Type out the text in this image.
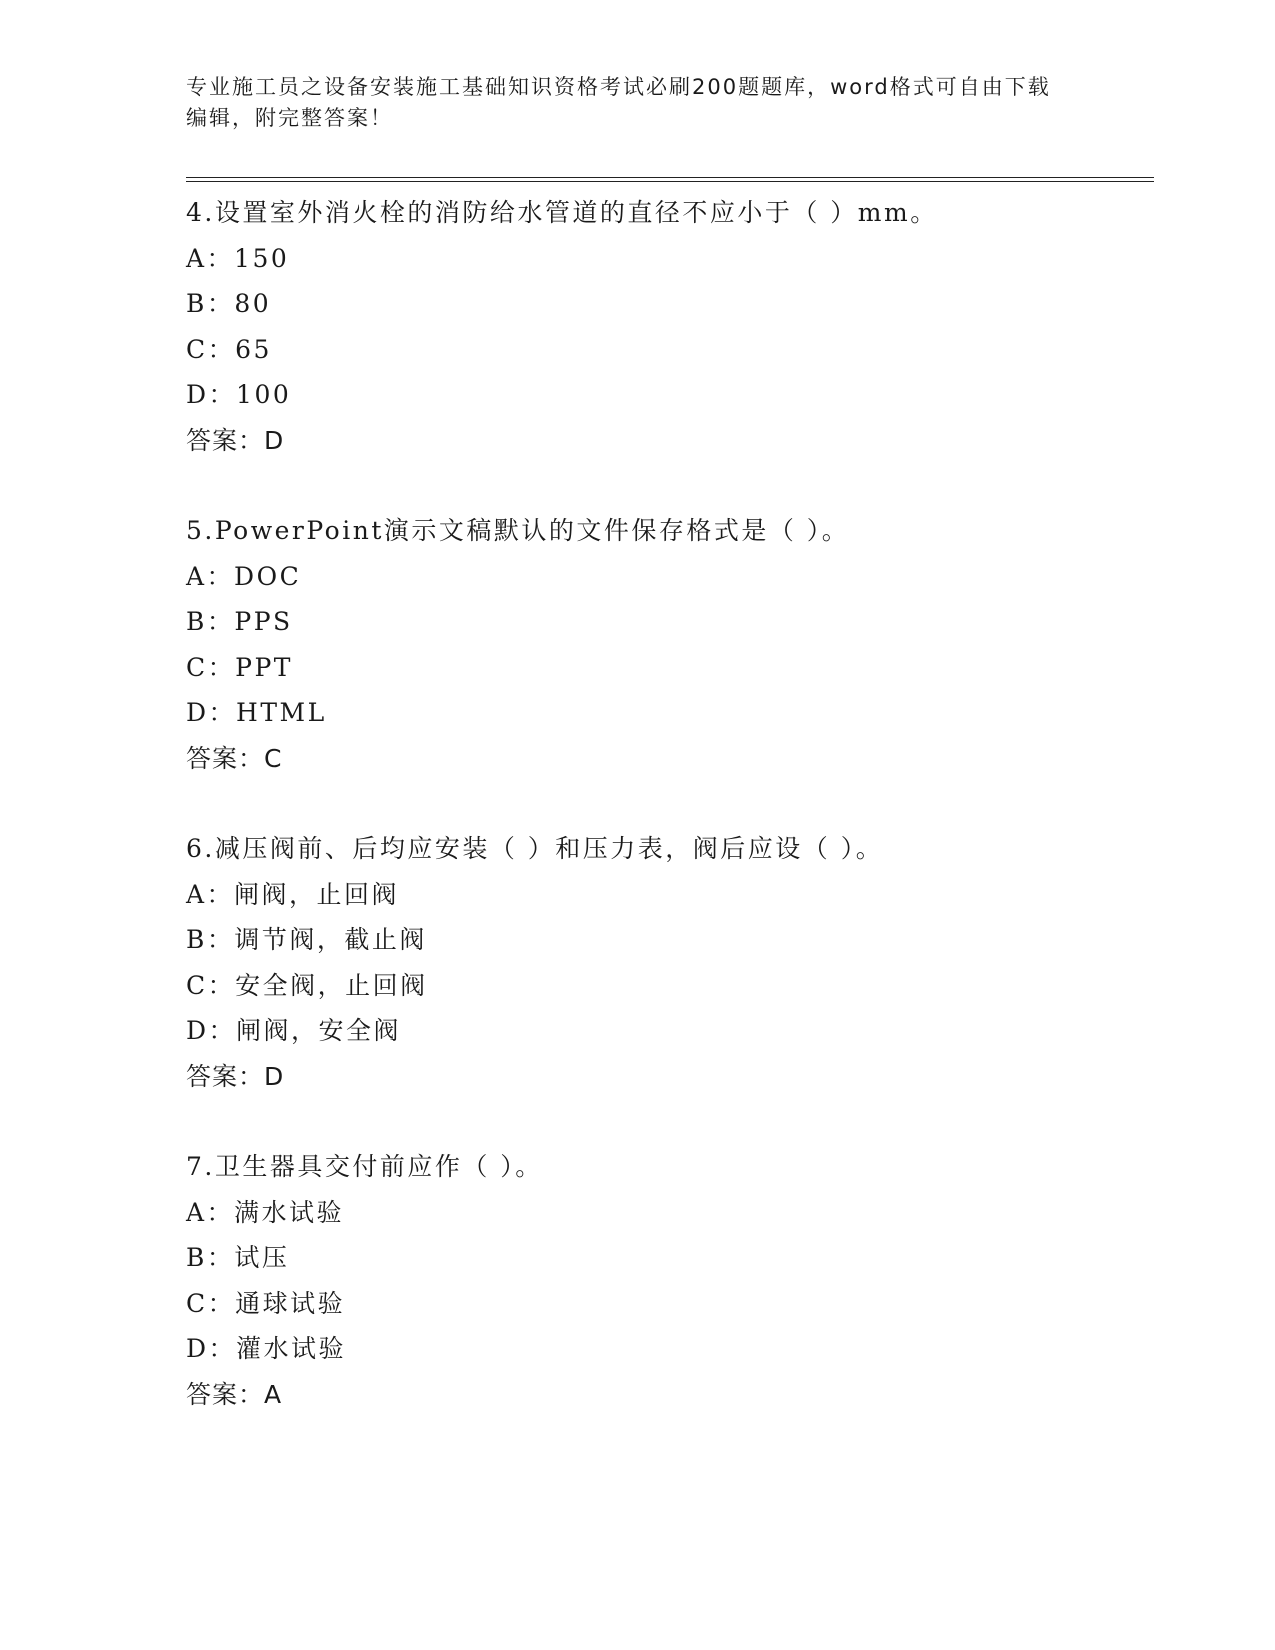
专业施工员之设备安装施工基础知识资格考试必刷200题题库，word格式可自由下载编辑，附完整答案！
4.设置室外消火栓的消防给水管道的直径不应小于（ ）mm。
A：150
B：80
C：65
D：100
答案：D
5.PowerPoint演示文稿默认的文件保存格式是（ ）。
A：DOC
B：PPS
C：PPT
D：HTML
答案：C
6.减压阀前、后均应安装（ ）和压力表，阀后应设（ ）。
A：闸阀，止回阀
B：调节阀，截止阀
C：安全阀，止回阀
D：闸阀，安全阀
答案：D
7.卫生器具交付前应作（ ）。
A：满水试验
B：试压
C：通球试验
D：灌水试验
答案：A
